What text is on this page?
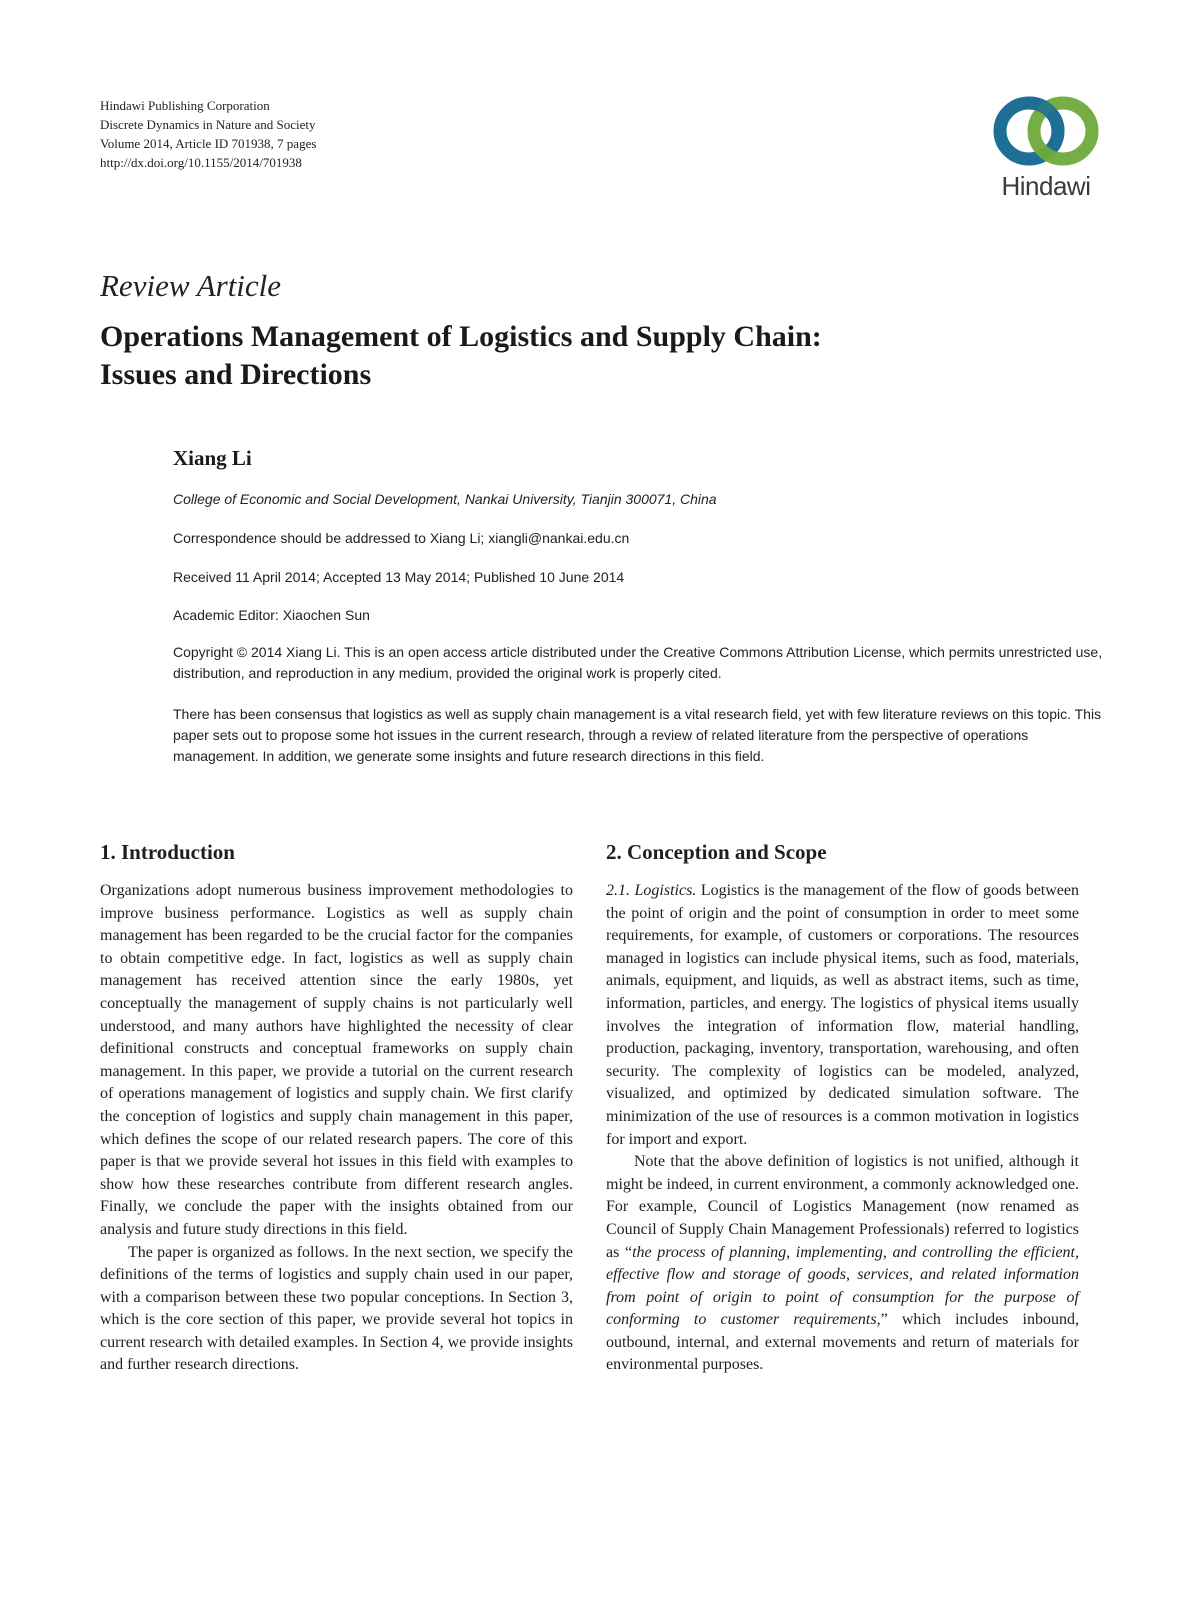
Hindawi Publishing Corporation
Discrete Dynamics in Nature and Society
Volume 2014, Article ID 701938, 7 pages
http://dx.doi.org/10.1155/2014/701938
Hindawi
Review Article
Operations Management of Logistics and Supply Chain:
Issues and Directions
Xiang Li
College of Economic and Social Development, Nankai University, Tianjin 300071, China
Correspondence should be addressed to Xiang Li; xiangli@nankai.edu.cn
Received 11 April 2014; Accepted 13 May 2014; Published 10 June 2014
Academic Editor: Xiaochen Sun
Copyright © 2014 Xiang Li. This is an open access article distributed under the Creative Commons Attribution License, which permits unrestricted use, distribution, and reproduction in any medium, provided the original work is properly cited.
There has been consensus that logistics as well as supply chain management is a vital research field, yet with few literature reviews on this topic. This paper sets out to propose some hot issues in the current research, through a review of related literature from the perspective of operations management. In addition, we generate some insights and future research directions in this field.
1. Introduction

Organizations adopt numerous business improvement methodologies to improve business performance. Logistics as well as supply chain management has been regarded to be the crucial factor for the companies to obtain competitive edge. In fact, logistics as well as supply chain management has received attention since the early 1980s, yet conceptually the management of supply chains is not particularly well understood, and many authors have highlighted the necessity of clear definitional constructs and conceptual frameworks on supply chain management. In this paper, we provide a tutorial on the current research of operations management of logistics and supply chain. We first clarify the conception of logistics and supply chain management in this paper, which defines the scope of our related research papers. The core of this paper is that we provide several hot issues in this field with examples to show how these researches contribute from different research angles. Finally, we conclude the paper with the insights obtained from our analysis and future study directions in this field.

The paper is organized as follows. In the next section, we specify the definitions of the terms of logistics and supply chain used in our paper, with a comparison between these two popular conceptions. In Section 3, which is the core section of this paper, we provide several hot topics in current research with detailed examples. In Section 4, we provide insights and further research directions.

2. Conception and Scope

2.1. Logistics. Logistics is the management of the flow of goods between the point of origin and the point of consumption in order to meet some requirements, for example, of customers or corporations. The resources managed in logistics can include physical items, such as food, materials, animals, equipment, and liquids, as well as abstract items, such as time, information, particles, and energy. The logistics of physical items usually involves the integration of information flow, material handling, production, packaging, inventory, transportation, warehousing, and often security. The complexity of logistics can be modeled, analyzed, visualized, and optimized by dedicated simulation software. The minimization of the use of resources is a common motivation in logistics for import and export.

Note that the above definition of logistics is not unified, although it might be indeed, in current environment, a commonly acknowledged one. For example, Council of Logistics Management (now renamed as Council of Supply Chain Management Professionals) referred to logistics as “the process of planning, implementing, and controlling the efficient, effective flow and storage of goods, services, and related information from point of origin to point of consumption for the purpose of conforming to customer requirements,” which includes inbound, outbound, internal, and external movements and return of materials for environmental purposes.
